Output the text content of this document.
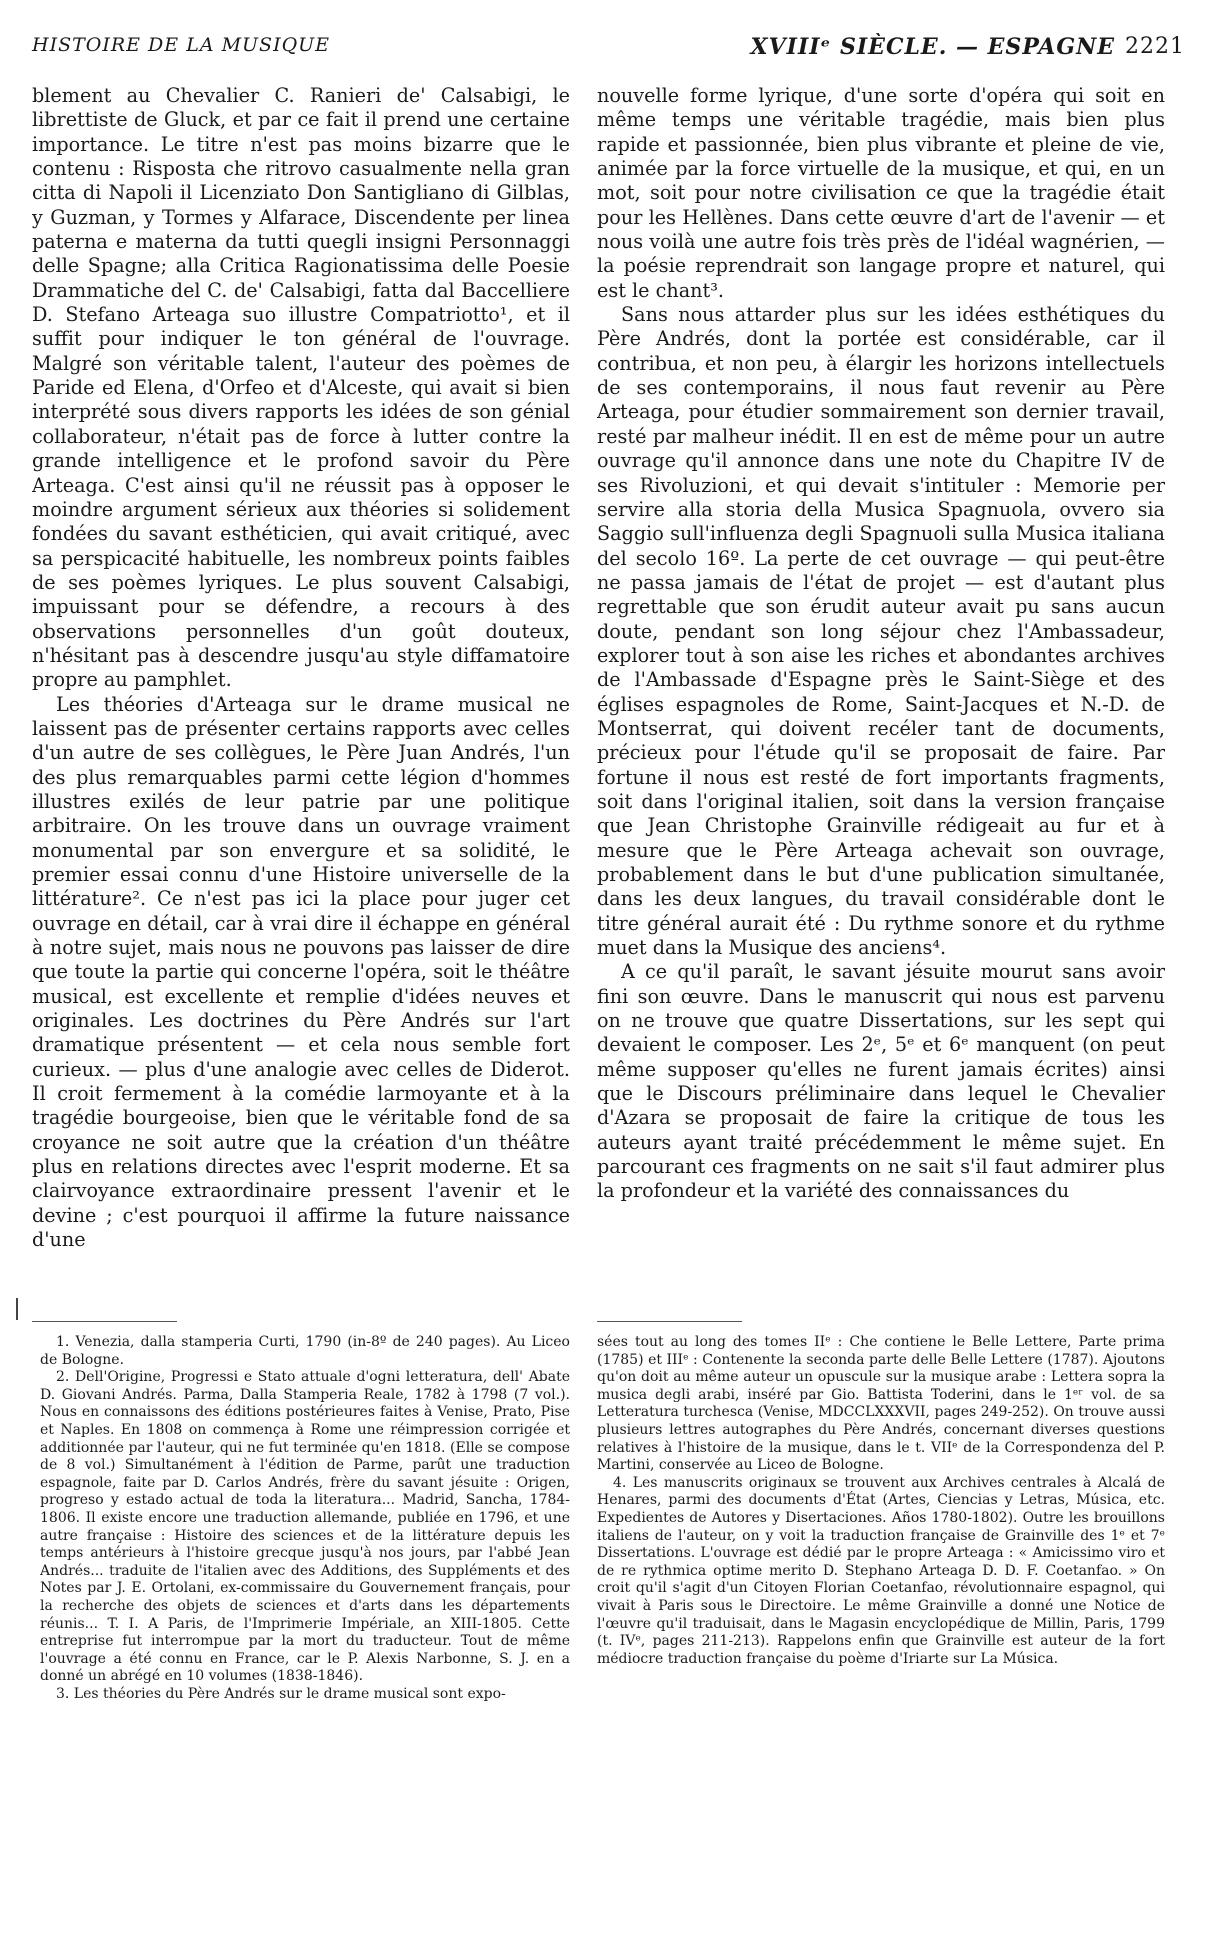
HISTOIRE DE LA MUSIQUE	XVIIIᵉ SIÈCLE. — ESPAGNE 2221

blement au Chevalier C. Ranieri de' Calsabigi, le librettiste de Gluck, et par ce fait il prend une certaine importance. Le titre n'est pas moins bizarre que le contenu : Risposta che ritrovo casualmente nella gran citta di Napoli il Licenziato Don Santigliano di Gilblas, y Guzman, y Tormes y Alfarace, Discendente per linea paterna e materna da tutti quegli insigni Personnaggi delle Spagne; alla Critica Ragionatissima delle Poesie Drammatiche del C. de' Calsabigi, fatta dal Baccelliere D. Stefano Arteaga suo illustre Compatriotto¹, et il suffit pour indiquer le ton général de l'ouvrage. Malgré son véritable talent, l'auteur des poèmes de Paride ed Elena, d'Orfeo et d'Alceste, qui avait si bien interprété sous divers rapports les idées de son génial collaborateur, n'était pas de force à lutter contre la grande intelligence et le profond savoir du Père Arteaga. C'est ainsi qu'il ne réussit pas à opposer le moindre argument sérieux aux théories si solidement fondées du savant esthéticien, qui avait critiqué, avec sa perspicacité habituelle, les nombreux points faibles de ses poèmes lyriques. Le plus souvent Calsabigi, impuissant pour se défendre, a recours à des observations personnelles d'un goût douteux, n'hésitant pas à descendre jusqu'au style diffamatoire propre au pamphlet.

Les théories d'Arteaga sur le drame musical ne laissent pas de présenter certains rapports avec celles d'un autre de ses collègues, le Père Juan Andrés, l'un des plus remarquables parmi cette légion d'hommes illustres exilés de leur patrie par une politique arbitraire. On les trouve dans un ouvrage vraiment monumental par son envergure et sa solidité, le premier essai connu d'une Histoire universelle de la littérature². Ce n'est pas ici la place pour juger cet ouvrage en détail, car à vrai dire il échappe en général à notre sujet, mais nous ne pouvons pas laisser de dire que toute la partie qui concerne l'opéra, soit le théâtre musical, est excellente et remplie d'idées neuves et originales. Les doctrines du Père Andrés sur l'art dramatique présentent — et cela nous semble fort curieux. — plus d'une analogie avec celles de Diderot. Il croit fermement à la comédie larmoyante et à la tragédie bourgeoise, bien que le véritable fond de sa croyance ne soit autre que la création d'un théâtre plus en relations directes avec l'esprit moderne. Et sa clairvoyance extraordinaire pressent l'avenir et le devine ; c'est pourquoi il affirme la future naissance d'une

nouvelle forme lyrique, d'une sorte d'opéra qui soit en même temps une véritable tragédie, mais bien plus rapide et passionnée, bien plus vibrante et pleine de vie, animée par la force virtuelle de la musique, et qui, en un mot, soit pour notre civilisation ce que la tragédie était pour les Hellènes. Dans cette œuvre d'art de l'avenir — et nous voilà une autre fois très près de l'idéal wagnérien, — la poésie reprendrait son langage propre et naturel, qui est le chant³.

Sans nous attarder plus sur les idées esthétiques du Père Andrés, dont la portée est considérable, car il contribua, et non peu, à élargir les horizons intellectuels de ses contemporains, il nous faut revenir au Père Arteaga, pour étudier sommairement son dernier travail, resté par malheur inédit. Il en est de même pour un autre ouvrage qu'il annonce dans une note du Chapitre IV de ses Rivoluzioni, et qui devait s'intituler : Memorie per servire alla storia della Musica Spagnuola, ovvero sia Saggio sull'influenza degli Spagnuoli sulla Musica italiana del secolo 16º. La perte de cet ouvrage — qui peut-être ne passa jamais de l'état de projet — est d'autant plus regrettable que son érudit auteur avait pu sans aucun doute, pendant son long séjour chez l'Ambassadeur, explorer tout à son aise les riches et abondantes archives de l'Ambassade d'Espagne près le Saint-Siège et des églises espagnoles de Rome, Saint-Jacques et N.-D. de Montserrat, qui doivent recéler tant de documents, précieux pour l'étude qu'il se proposait de faire. Par fortune il nous est resté de fort importants fragments, soit dans l'original italien, soit dans la version française que Jean Christophe Grainville rédigeait au fur et à mesure que le Père Arteaga achevait son ouvrage, probablement dans le but d'une publication simultanée, dans les deux langues, du travail considérable dont le titre général aurait été : Du rythme sonore et du rythme muet dans la Musique des anciens⁴.

A ce qu'il paraît, le savant jésuite mourut sans avoir fini son œuvre. Dans le manuscrit qui nous est parvenu on ne trouve que quatre Dissertations, sur les sept qui devaient le composer. Les 2ᵉ, 5ᵉ et 6ᵉ manquent (on peut même supposer qu'elles ne furent jamais écrites) ainsi que le Discours préliminaire dans lequel le Chevalier d'Azara se proposait de faire la critique de tous les auteurs ayant traité précédemment le même sujet. En parcourant ces fragments on ne sait s'il faut admirer plus la profondeur et la variété des connaissances du

1. Venezia, dalla stamperia Curti, 1790 (in-8º de 240 pages). Au Liceo de Bologne.

2. Dell'Origine, Progressi e Stato attuale d'ogni letteratura, dell' Abate D. Giovani Andrés. Parma, Dalla Stamperia Reale, 1782 à 1798 (7 vol.). Nous en connaissons des éditions postérieures faites à Venise, Prato, Pise et Naples. En 1808 on commença à Rome une réimpression corrigée et additionnée par l'auteur, qui ne fut terminée qu'en 1818. (Elle se compose de 8 vol.) Simultanément à l'édition de Parme, parût une traduction espagnole, faite par D. Carlos Andrés, frère du savant jésuite : Origen, progreso y estado actual de toda la literatura... Madrid, Sancha, 1784-1806. Il existe encore une traduction allemande, publiée en 1796, et une autre française : Histoire des sciences et de la littérature depuis les temps antérieurs à l'histoire grecque jusqu'à nos jours, par l'abbé Jean Andrés... traduite de l'italien avec des Additions, des Suppléments et des Notes par J. E. Ortolani, ex-commissaire du Gouvernement français, pour la recherche des objets de sciences et d'arts dans les départements réunis... T. I. A Paris, de l'Imprimerie Impériale, an XIII-1805. Cette entreprise fut interrompue par la mort du traducteur. Tout de même l'ouvrage a été connu en France, car le P. Alexis Narbonne, S. J. en a donné un abrégé en 10 volumes (1838-1846).

3. Les théories du Père Andrés sur le drame musical sont expo-

sées tout au long des tomes IIᵉ : Che contiene le Belle Lettere, Parte prima (1785) et IIIᵉ : Contenente la seconda parte delle Belle Lettere (1787). Ajoutons qu'on doit au même auteur un opuscule sur la musique arabe : Lettera sopra la musica degli arabi, inséré par Gio. Battista Toderini, dans le 1ᵉʳ vol. de sa Letteratura turchesca (Venise, MDCCLXXXVII, pages 249-252). On trouve aussi plusieurs lettres autographes du Père Andrés, concernant diverses questions relatives à l'histoire de la musique, dans le t. VIIᵉ de la Correspondenza del P. Martini, conservée au Liceo de Bologne.

4. Les manuscrits originaux se trouvent aux Archives centrales à Alcalá de Henares, parmi des documents d'État (Artes, Ciencias y Letras, Música, etc. Expedientes de Autores y Disertaciones. Años 1780-1802). Outre les brouillons italiens de l'auteur, on y voit la traduction française de Grainville des 1ᵉ et 7ᵉ Dissertations. L'ouvrage est dédié par le propre Arteaga : « Amicissimo viro et de re rythmica optime merito D. Stephano Arteaga D. D. F. Coetanfao. » On croit qu'il s'agit d'un Citoyen Florian Coetanfao, révolutionnaire espagnol, qui vivait à Paris sous le Directoire. Le même Grainville a donné une Notice de l'œuvre qu'il traduisait, dans le Magasin encyclopédique de Millin, Paris, 1799 (t. IVᵉ, pages 211-213). Rappelons enfin que Grainville est auteur de la fort médiocre traduction française du poème d'Iriarte sur La Música.
